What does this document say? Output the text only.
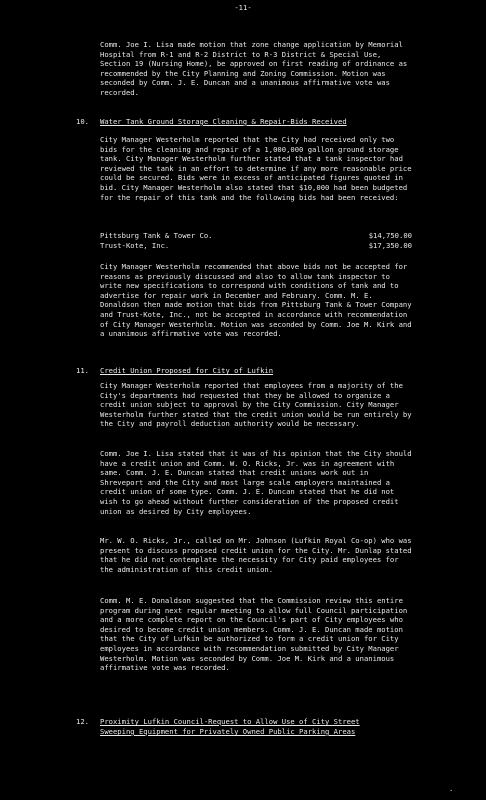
-11-

Comm. Joe I. Lisa made motion that zone change application by Memorial Hospital from R-1 and R-2 District to R-3 District & Special Use, Section 19 (Nursing Home), be approved on first reading of ordinance as recommended by the City Planning and Zoning Commission. Motion was seconded by Comm. J. E. Duncan and a unanimous affirmative vote was recorded.

10. Water Tank Ground Storage Cleaning & Repair-Bids Received

City Manager Westerholm reported that the City had received only two bids for the cleaning and repair of a 1,000,000 gallon ground storage tank. City Manager Westerholm further stated that a tank inspector had reviewed the tank in an effort to determine if any more reasonable price could be secured. Bids were in excess of anticipated figures quoted in bid. City Manager Westerholm also stated that $10,000 had been budgeted for the repair of this tank and the following bids had been received:

Pittsburg Tank & Tower Co.	$14,750.00
Trust-Kote, Inc.	$17,350.00

City Manager Westerholm recommended that above bids not be accepted for reasons as previously discussed and also to allow tank inspector to write new specifications to correspond with conditions of tank and to advertise for repair work in December and February. Comm. M. E. Donaldson then made motion that bids from Pittsburg Tank & Tower Company and Trust-Kote, Inc., not be accepted in accordance with recommendation of City Manager Westerholm. Motion was seconded by Comm. Joe M. Kirk and a unanimous affirmative vote was recorded.

11. Credit Union Proposed for City of Lufkin

City Manager Westerholm reported that employees from a majority of the City's departments had requested that they be allowed to organize a credit union subject to approval by the City Commission. City Manager Westerholm further stated that the credit union would be run entirely by the City and payroll deduction authority would be necessary.

Comm. Joe I. Lisa stated that it was of his opinion that the City should have a credit union and Comm. W. O. Ricks, Jr. was in agreement with same. Comm. J. E. Duncan stated that credit unions work out in Shreveport and the City and most large scale employers maintained a credit union of some type. Comm. J. E. Duncan stated that he did not wish to go ahead without further consideration of the proposed credit union as desired by City employees.

Mr. W. O. Ricks, Jr., called on Mr. Johnson (Lufkin Royal Co-op) who was present to discuss proposed credit union for the City. Mr. Dunlap stated that he did not contemplate the necessity for City paid employees for the administration of this credit union.

Comm. M. E. Donaldson suggested that the Commission review this entire program during next regular meeting to allow full Council participation and a more complete report on the Council's part of City employees who desired to become credit union members. Comm. J. E. Duncan made motion that the City of Lufkin be authorized to form a credit union for City employees in accordance with recommendation submitted by City Manager Westerholm. Motion was seconded by Comm. Joe M. Kirk and a unanimous affirmative vote was recorded.

12. Proximity Lufkin Council-Request to Allow Use of City Street
Sweeping Equipment for Privately Owned Public Parking Areas
·
